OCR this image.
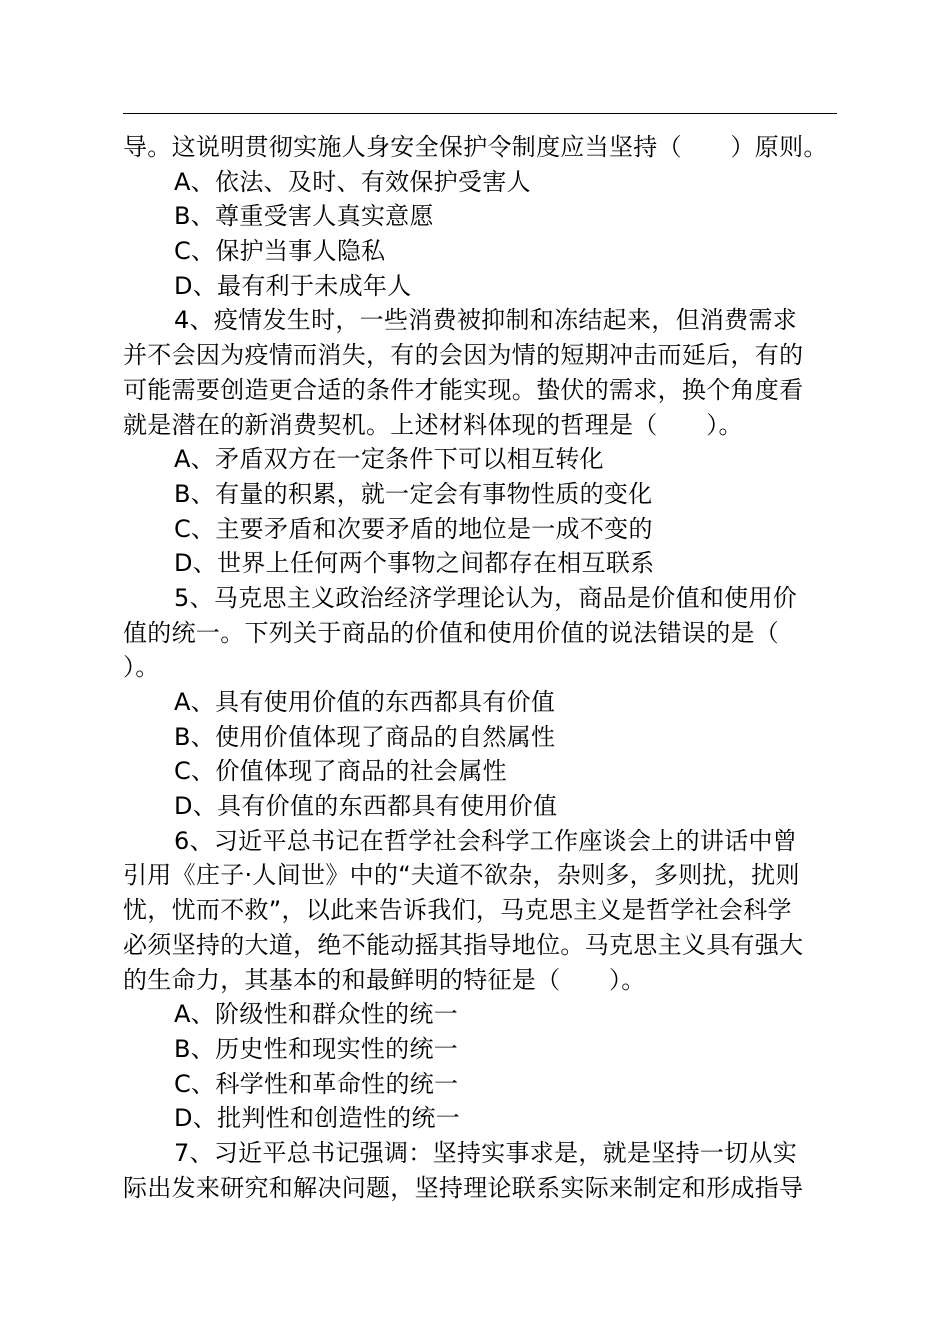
导。这说明贯彻实施人身安全保护令制度应当坚持（　　）原则。
A、依法、及时、有效保护受害人
B、尊重受害人真实意愿
C、保护当事人隐私
D、最有利于未成年人
4、疫情发生时，一些消费被抑制和冻结起来，但消费需求
并不会因为疫情而消失，有的会因为情的短期冲击而延后，有的
可能需要创造更合适的条件才能实现。蛰伏的需求，换个角度看
就是潜在的新消费契机。上述材料体现的哲理是（　　）。
A、矛盾双方在一定条件下可以相互转化
B、有量的积累，就一定会有事物性质的变化
C、主要矛盾和次要矛盾的地位是一成不变的
D、世界上任何两个事物之间都存在相互联系
5、马克思主义政治经济学理论认为，商品是价值和使用价
值的统一。下列关于商品的价值和使用价值的说法错误的是（
）。
A、具有使用价值的东西都具有价值
B、使用价值体现了商品的自然属性
C、价值体现了商品的社会属性
D、具有价值的东西都具有使用价值
6、习近平总书记在哲学社会科学工作座谈会上的讲话中曾
引用《庄子·人间世》中的“夫道不欲杂，杂则多，多则扰，扰则
忧，忧而不救”，以此来告诉我们，马克思主义是哲学社会科学
必须坚持的大道，绝不能动摇其指导地位。马克思主义具有强大
的生命力，其基本的和最鲜明的特征是（　　）。
A、阶级性和群众性的统一
B、历史性和现实性的统一
C、科学性和革命性的统一
D、批判性和创造性的统一
7、习近平总书记强调：坚持实事求是，就是坚持一切从实
际出发来研究和解决问题，坚持理论联系实际来制定和形成指导
